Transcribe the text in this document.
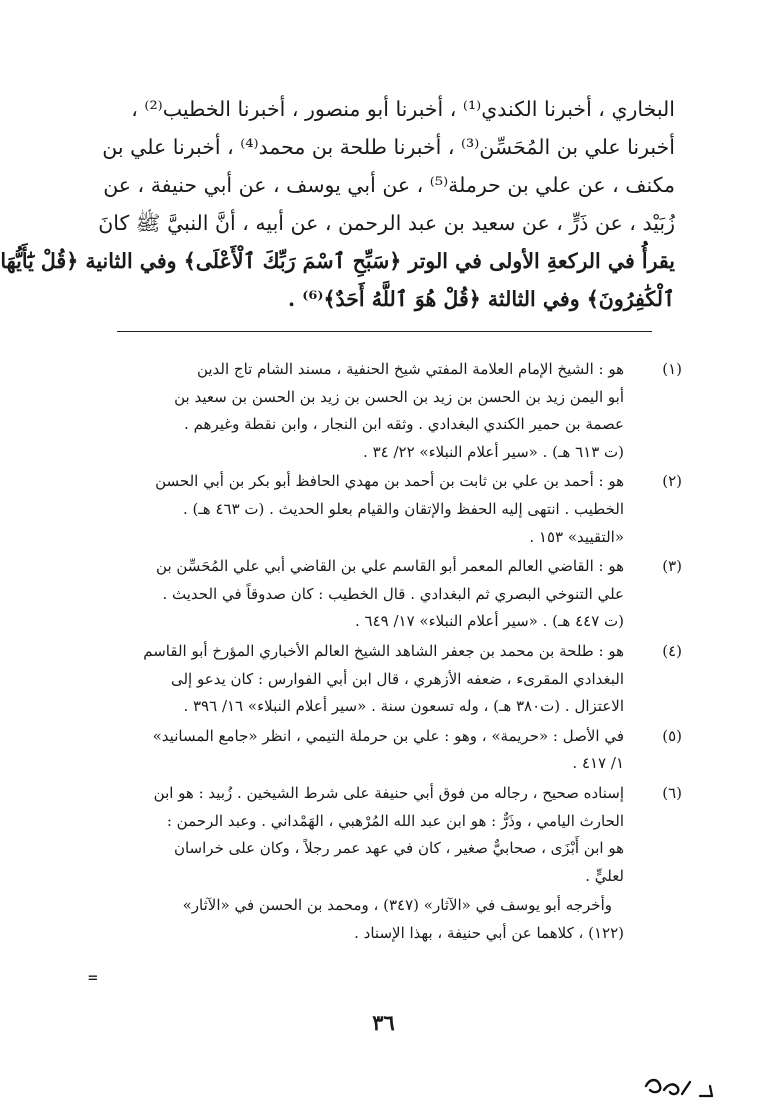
البخاري ، أخبرنا الكندي⁽¹⁾ ، أخبرنا أبو منصور ، أخبرنا الخطيب⁽²⁾ ،
أخبرنا علي بن المُحَسِّن⁽³⁾ ، أخبرنا طلحة بن محمد⁽⁴⁾ ، أخبرنا علي بن
مكنف ، عن علي بن حرملة⁽⁵⁾ ، عن أبي يوسف ، عن أبي حنيفة ، عن
زُبَيْد ، عن ذَرٍّ ، عن سعيد بن عبد الرحمن ، عن أبيه ، أنَّ النبيَّ ﷺ كانَ
يقرأُ في الركعةِ الأولى في الوتر ﴿سَبِّحِ ٱسْمَ رَبِّكَ ٱلْأَعْلَى﴾ وفي الثانية ﴿قُلْ يَٰٓأَيُّهَا
ٱلْكَٰفِرُونَ﴾ وفي الثالثة ﴿قُلْ هُوَ ٱللَّهُ أَحَدٌ﴾⁽⁶⁾ .
(١)
هو : الشيخ الإمام العلامة المفتي شيخ الحنفية ، مسند الشام تاج الدين
أبو اليمن زيد بن الحسن بن زيد بن الحسن بن زيد بن الحسن بن سعيد بن
عصمة بن حمير الكندي البغدادي . وثقه ابن النجار ، وابن نقطة وغيرهم .
(ت ٦١٣ هـ) . «سير أعلام النبلاء» ٢٢/ ٣٤ .
(٢)
هو : أحمد بن علي بن ثابت بن أحمد بن مهدي الحافظ أبو بكر بن أبي الحسن
الخطيب . انتهى إليه الحفظ والإتقان والقيام بعلو الحديث . (ت ٤٦٣ هـ) .
«التقييد» ١٥٣ .
(٣)
هو : القاضي العالم المعمر أبو القاسم علي بن القاضي أبي علي المُحَسِّن بن
علي التنوخي البصري ثم البغدادي . قال الخطيب : كان صدوقاً في الحديث .
(ت ٤٤٧ هـ) . «سير أعلام النبلاء» ١٧/ ٦٤٩ .
(٤)
هو : طلحة بن محمد بن جعفر الشاهد الشيخ العالم الأخباري المؤرخ أبو القاسم
البغدادي المقرىء ، ضعفه الأزهري ، قال ابن أبي الفوارس : كان يدعو إلى
الاعتزال . (ت٣٨٠ هـ) ، وله تسعون سنة . «سير أعلام النبلاء» ١٦/ ٣٩٦ .
(٥)
في الأصل : «حريمة» ، وهو : علي بن حرملة التيمي ، انظر «جامع المسانيد»
١/ ٤١٧ .
(٦)
إسناده صحيح ، رجاله من فوق أبي حنيفة على شرط الشيخين . زُبيد : هو ابن
الحارث اليامي ، وذَرٌّ : هو ابن عبد الله المُرْهبي ، الهَمْداني . وعبد الرحمن :
هو ابن أَبْزَى ، صحابيٌّ صغير ، كان في عهد عمر رجلاً ، وكان على خراسان
لعليٍّ .
وأخرجه أبو يوسف في «الآثار» (٣٤٧) ، ومحمد بن الحسن في «الآثار»
(١٢٢) ، كلاهما عن أبي حنيفة ، بهذا الإسناد .
=
٣٦
